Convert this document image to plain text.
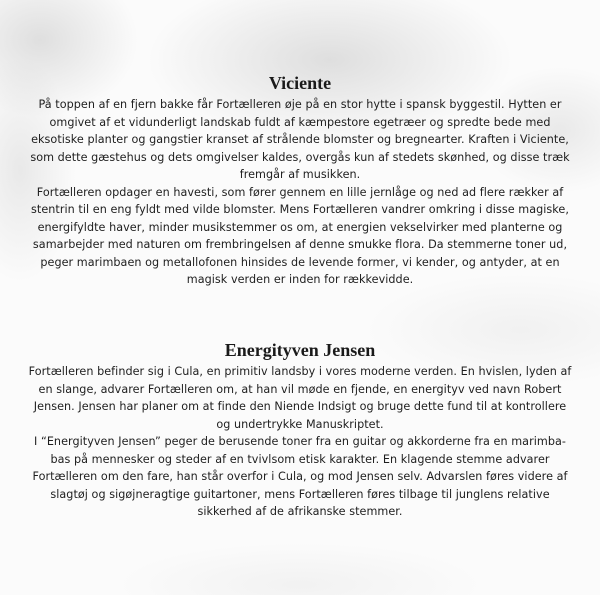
Viciente

På toppen af en fjern bakke får Fortælleren øje på en stor hytte i spansk byggestil. Hytten er omgivet af et vidunderligt landskab fuldt af kæmpestore egetræer og spredte bede med eksotiske planter og gangstier kranset af strålende blomster og bregnearter. Kraften i Viciente, som dette gæstehus og dets omgivelser kaldes, overgås kun af stedets skønhed, og disse træk fremgår af musikken.

Fortælleren opdager en havesti, som fører gennem en lille jernlåge og ned ad flere rækker af stentrin til en eng fyldt med vilde blomster. Mens Fortælleren vandrer omkring i disse magiske, energifyldte haver, minder musikstemmer os om, at energien vekselvirker med planterne og samarbejder med naturen om frembringelsen af denne smukke flora. Da stemmerne toner ud, peger marimbaen og metallofonen hinsides de levende former, vi kender, og antyder, at en magisk verden er inden for rækkevidde.

Energityven Jensen

Fortælleren befinder sig i Cula, en primitiv landsby i vores moderne verden. En hvislen, lyden af en slange, advarer Fortælleren om, at han vil møde en fjende, en energityv ved navn Robert Jensen. Jensen har planer om at finde den Niende Indsigt og bruge dette fund til at kontrollere og undertrykke Manuskriptet.

I “Energityven Jensen” peger de berusende toner fra en guitar og akkorderne fra en marimba-bas på mennesker og steder af en tvivlsom etisk karakter. En klagende stemme advarer Fortælleren om den fare, han står overfor i Cula, og mod Jensen selv. Advarslen føres videre af slagtøj og sigøjneragtige guitartoner, mens Fortælleren føres tilbage til junglens relative sikkerhed af de afrikanske stemmer.
